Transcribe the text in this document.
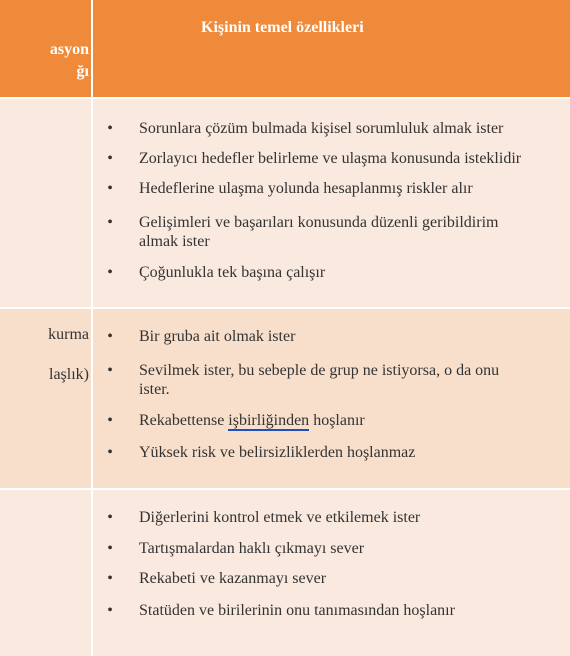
asyon
ğı
Kişinin temel özellikleri
• Sorunlara çözüm bulmada kişisel sorumluluk almak ister
• Zorlayıcı hedefler belirleme ve ulaşma konusunda isteklidir
• Hedeflerine ulaşma yolunda hesaplanmış riskler alır
• Gelişimleri ve başarıları konusunda düzenli geribildirim
almak ister
• Çoğunlukla tek başına çalışır
kurma
laşlık)
• Bir gruba ait olmak ister
• Sevilmek ister, bu sebeple de grup ne istiyorsa, o da onu
ister.
• Rekabettense işbirliğinden hoşlanır
• Yüksek risk ve belirsizliklerden hoşlanmaz
• Diğerlerini kontrol etmek ve etkilemek ister
• Tartışmalardan haklı çıkmayı sever
• Rekabeti ve kazanmayı sever
• Statüden ve birilerinin onu tanımasından hoşlanır
